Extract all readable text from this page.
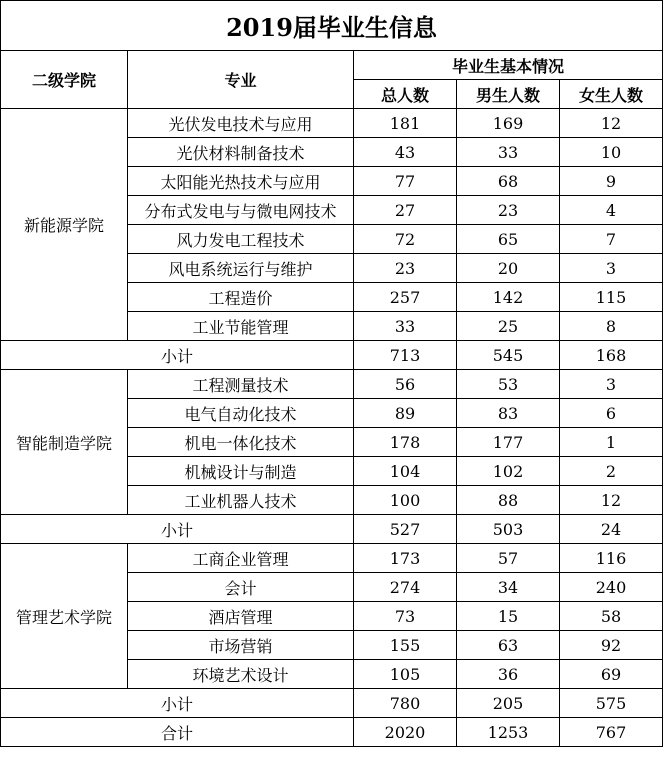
2019届毕业生信息				
二级学院	专业	毕业生基本情况		
		总人数	男生人数	女生人数
新能源学院	光伏发电技术与应用	181	169	12
	光伏材料制备技术	43	33	10
	太阳能光热技术与应用	77	68	9
	分布式发电与与微电网技术	27	23	4
	风力发电工程技术	72	65	7
	风电系统运行与维护	23	20	3
	工程造价	257	142	115
	工业节能管理	33	25	8
小计		713	545	168
智能制造学院	工程测量技术	56	53	3
	电气自动化技术	89	83	6
	机电一体化技术	178	177	1
	机械设计与制造	104	102	2
	工业机器人技术	100	88	12
小计		527	503	24
管理艺术学院	工商企业管理	173	57	116
	会计	274	34	240
	酒店管理	73	15	58
	市场营销	155	63	92
	环境艺术设计	105	36	69
小计		780	205	575
合计		2020	1253	767
